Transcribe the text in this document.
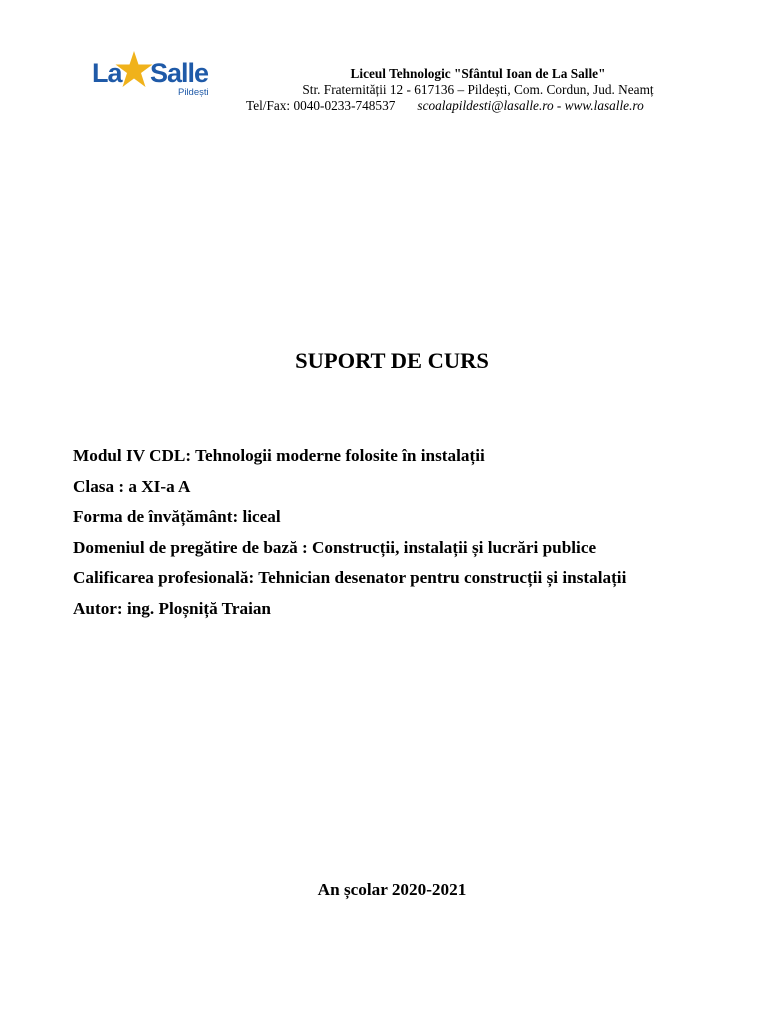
La Salle
Pildești
Liceul Tehnologic "Sfântul Ioan de La Salle"
Str. Fraternității 12 - 617136 – Pildești, Com. Cordun, Jud. Neamț
Tel/Fax: 0040-0233-748537 scoalapildesti@lasalle.ro - www.lasalle.ro
SUPORT DE CURS
Modul IV CDL: Tehnologii moderne folosite în instalații
Clasa : a XI-a A
Forma de învățământ: liceal
Domeniul de pregătire de bază : Construcții, instalații și lucrări publice
Calificarea profesională: Tehnician desenator pentru construcții și instalații
Autor: ing. Ploșniță Traian
An școlar 2020-2021
